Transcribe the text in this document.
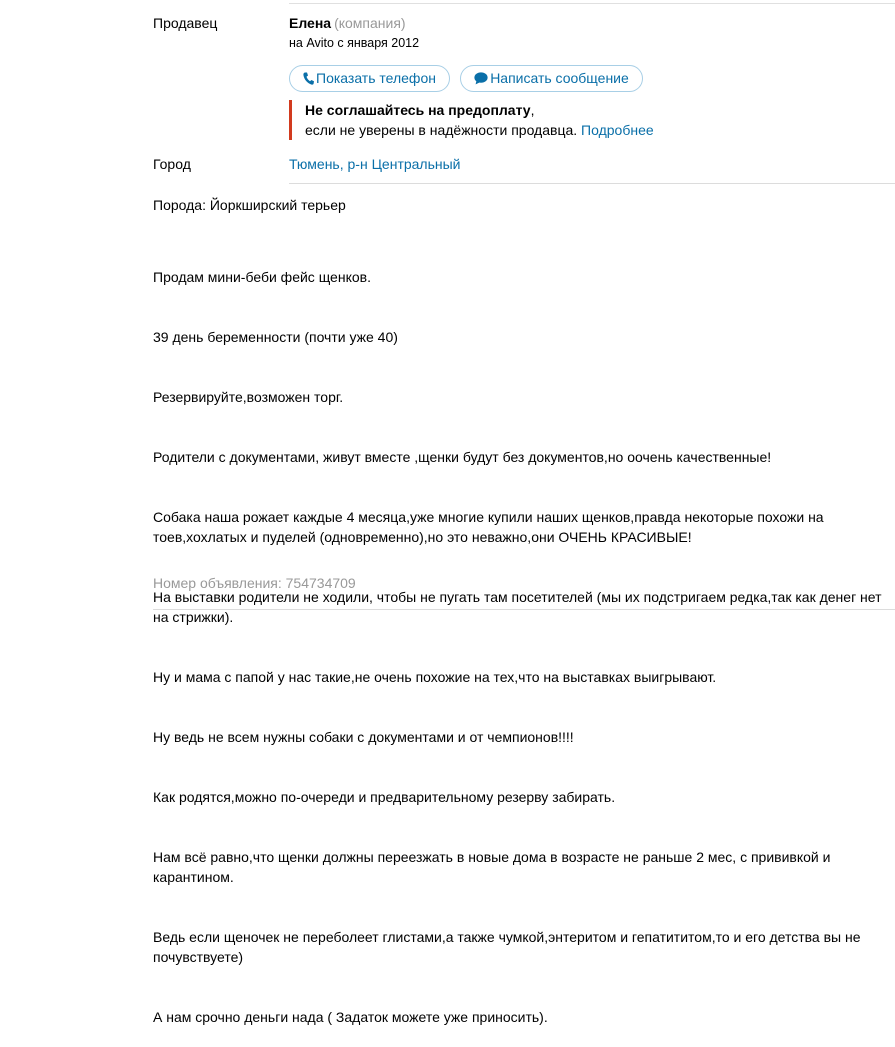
Продавец	Елена (компания)
на Avito с января 2012
Показать телефон	Написать сообщение
Не соглашайтесь на предоплату,
если не уверены в надёжности продавца. Подробнее
Город	Тюмень, р-н Центральный
Порода: Йоркширский терьер

Продам мини-беби фейс щенков.

39 день беременности (почти уже 40)

Резервируйте,возможен торг.

Родители с документами, живут вместе ,щенки будут без документов,но оочень качественные!

Собака наша рожает каждые 4 месяца,уже многие купили наших щенков,правда некоторые похожи на тоев,хохлатых и пуделей (одновременно),но это неважно,они ОЧЕНЬ КРАСИВЫЕ!

На выставки родители не ходили, чтобы не пугать там посетителей (мы их подстригаем редка,так как денег нет на стрижки).

Ну и мама с папой у нас такие,не очень похожие на тех,что на выставках выигрывают.

Ну ведь не всем нужны собаки с документами и от чемпионов!!!!

Как родятся,можно по-очереди и предварительному резерву забирать.

Нам всё равно,что щенки должны переезжать в новые дома в возрасте не раньше 2 мес, с прививкой и карантином.

Ведь если щеночек не переболеет глистами,а также чумкой,энтеритом и гепатититом,то и его детства вы не почувствуете)

А нам срочно деньги нада ( Задаток можете уже приносить).

Номер объявления: 754734709
